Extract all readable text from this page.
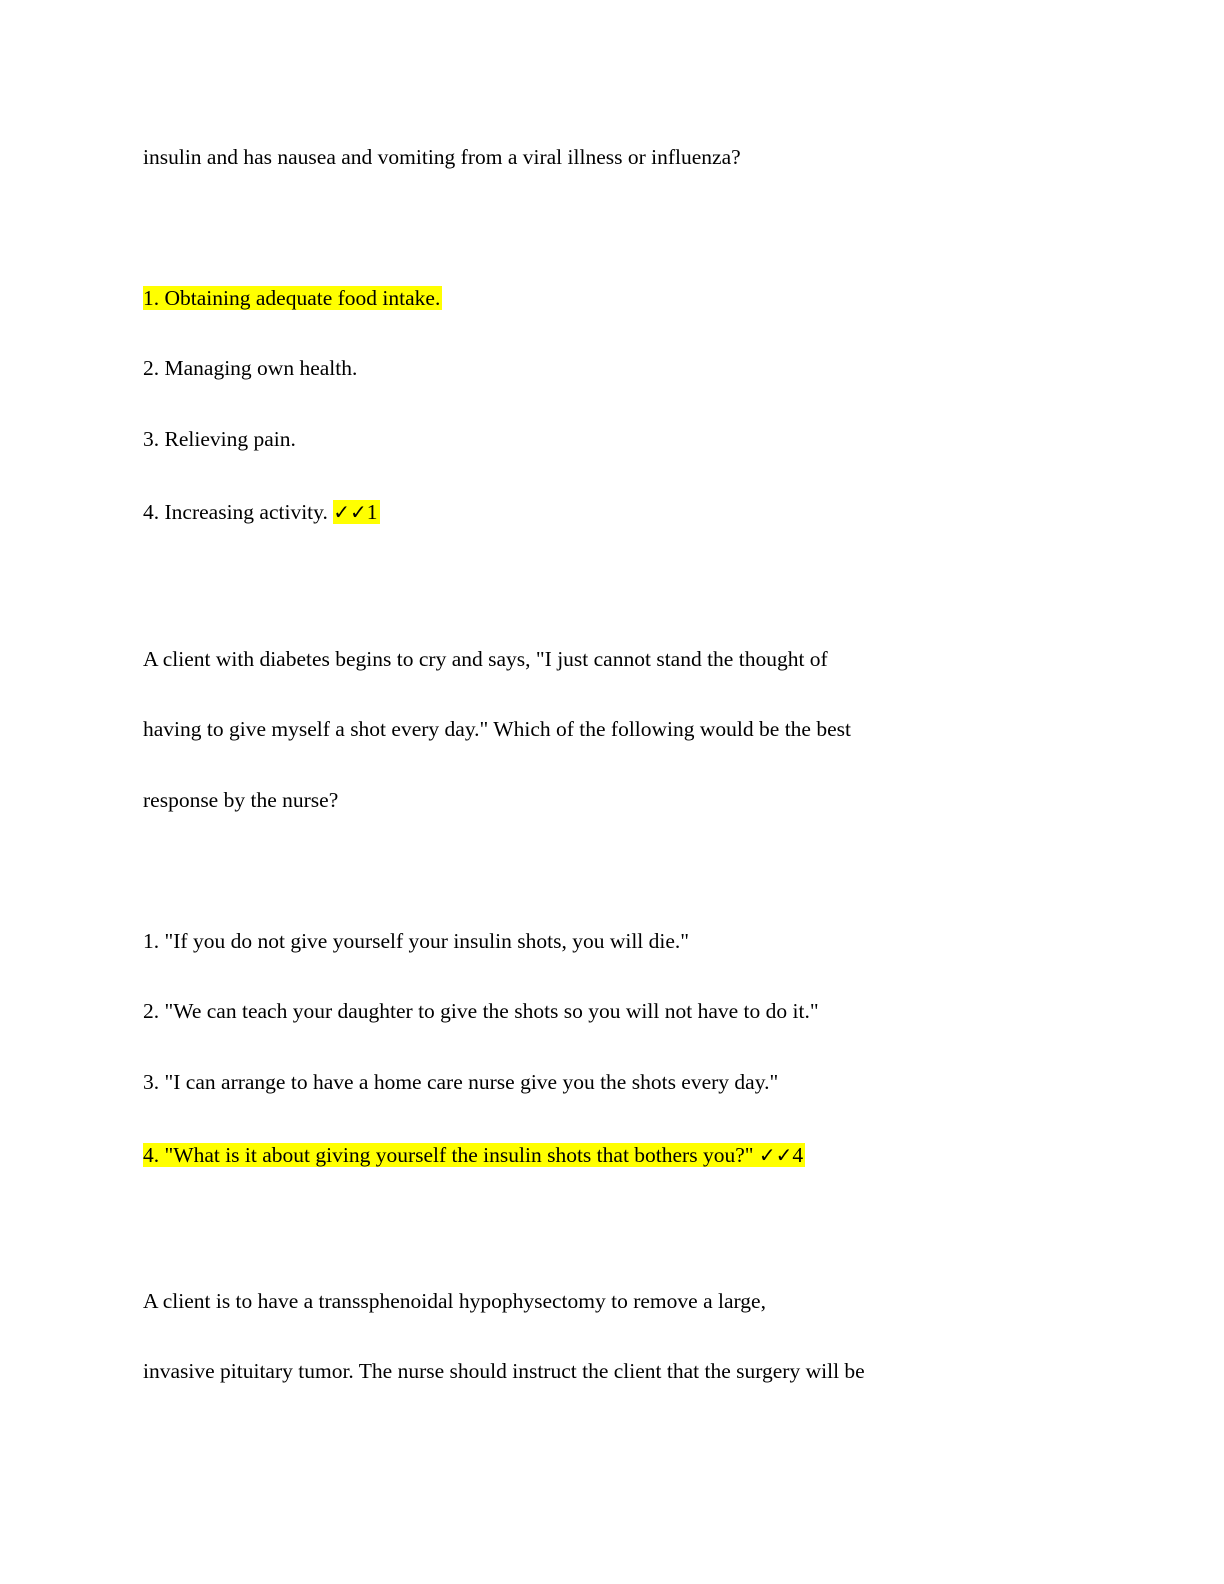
insulin and has nausea and vomiting from a viral illness or influenza?
1. Obtaining adequate food intake.
2. Managing own health.
3. Relieving pain.
4. Increasing activity. ✓✓1
A client with diabetes begins to cry and says, "I just cannot stand the thought of
having to give myself a shot every day." Which of the following would be the best
response by the nurse?
1. "If you do not give yourself your insulin shots, you will die."
2. "We can teach your daughter to give the shots so you will not have to do it."
3. "I can arrange to have a home care nurse give you the shots every day."
4. "What is it about giving yourself the insulin shots that bothers you?" ✓✓4
A client is to have a transsphenoidal hypophysectomy to remove a large,
invasive pituitary tumor. The nurse should instruct the client that the surgery will be
